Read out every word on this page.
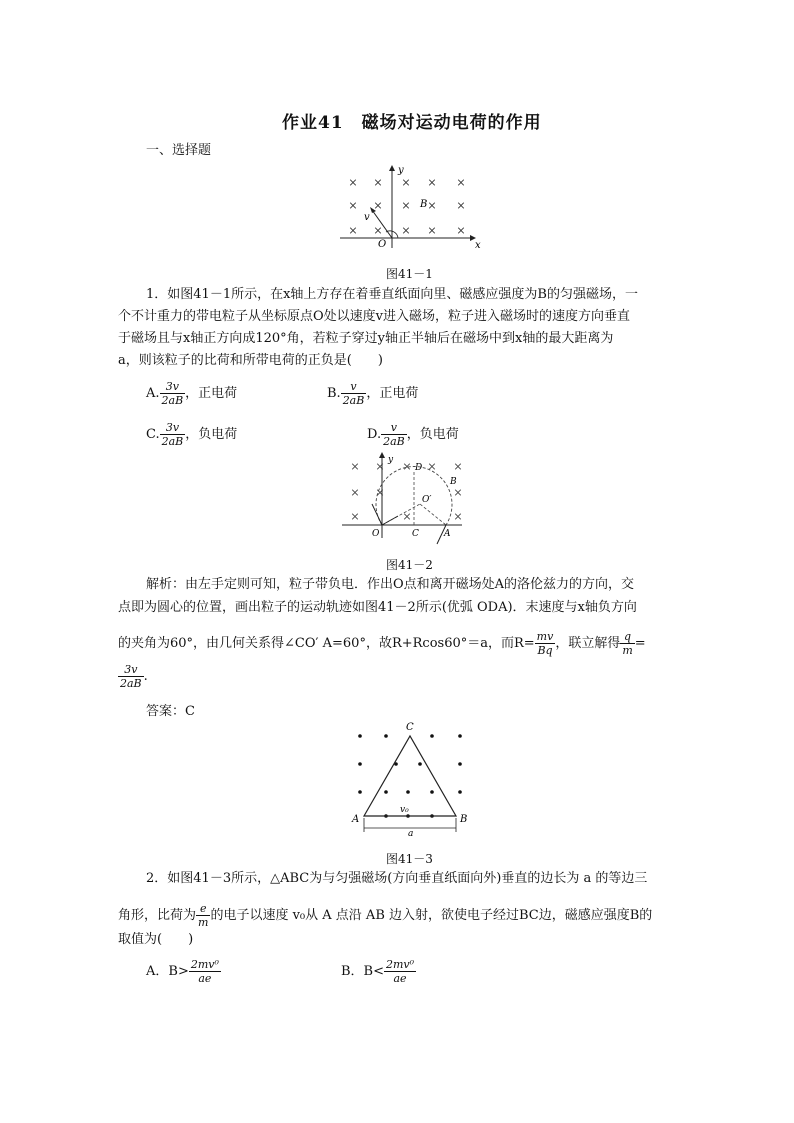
作业41　磁场对运动电荷的作用
一、选择题
× × × × ×
× × × × ×
× × × × ×
y
x
O
v
B
图41－1
1．如图41－1所示，在x轴上方存在着垂直纸面向里、磁感应强度为B的匀强磁场，一
个不计重力的带电粒子从坐标原点O处以速度v进入磁场，粒子进入磁场时的速度方向垂直
于磁场且与x轴正方向成120°角，若粒子穿过y轴正半轴后在磁场中到x轴的最大距离为
a，则该粒子的比荷和所带电荷的正负是(　　)
A. $\frac{3v}{2aB}$ ，正电荷	B. $\frac{v}{2aB}$ ，正电荷
C. $\frac{3v}{2aB}$ ，负电荷	D. $\frac{v}{2aB}$ ，负电荷
× × × × ×
× ×	×
×	×	×
y
O	C	A
D
B
O′
图41－2
解析：由左手定则可知，粒子带负电．作出O点和离开磁场处A的洛伦兹力的方向，交
点即为圆心的位置，画出粒子的运动轨迹如图41－2所示(优弧 ODA)．末速度与x轴负方向
的夹角为60°，由几何关系得∠CO′ A=60°，故R+Rcos60°＝a，而$R= \frac{mv}{Bq}$ ，联立解得 $\frac{q}{m}$ =
$\frac{3v}{2aB}$ .
答案：C
C
A	B
v₀
a
图41－3
2．如图41－3所示，△ABC为与匀强磁场(方向垂直纸面向外)垂直的边长为 a 的等边三
角形，比荷为 $\frac{e}{m}$ 的电子以速度 v₀从 A 点沿 AB 边入射，欲使电子经过BC边，磁感应强度B的
取值为(　　)
A．$B> \frac{\text{2mv⁰}}{ae}$	B．$B< \frac{\text{2mv⁰}}{ae}$
